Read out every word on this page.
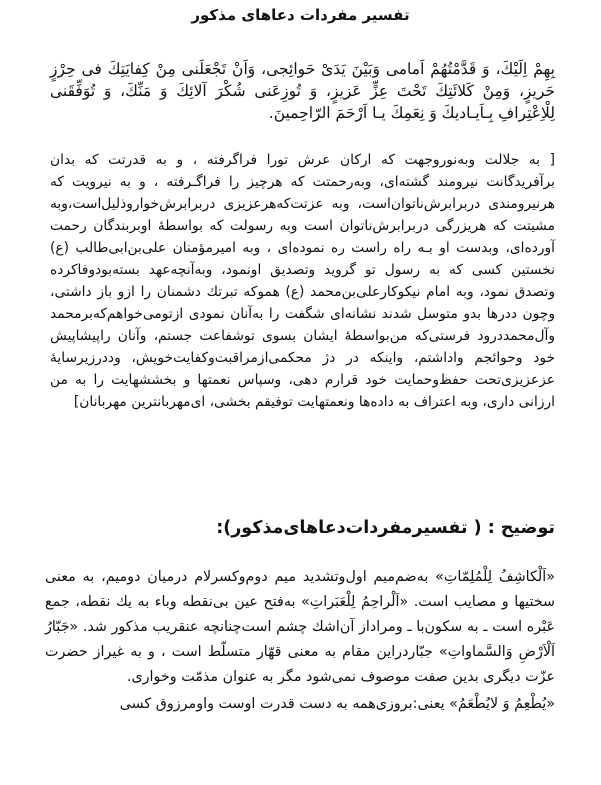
تفسیر مفردات دعاهای مذکور

بِهِمْ اِلَیْكَ، وَ قَدَّمْتُهُمْ اَمامی وَبَیْنَ یَدَیْ حَوائِجی، وَاَنْ تَجْعَلَنی مِنْ کِفایَتِكَ فی حِرْزٍ حَریزٍ، وَمِنْ کَلائَتِكَ تَحْتَ عِزٍّ عَزیزٍ، وَ تُوزِعَنی شُکْرَ آلائِكَ وَ مَنِّكَ، وَ تُوَفِّقَنی لِلْاِعْتِرافِ بِـاَیـادیكَ وَ نِعَمِكَ یـا اَرْحَمَ الرّاحِمینَ.

[ به جلالت وبه‌نوروجهت که ارکان عرش تورا فراگرفته ، و به قدرتت که بدان برآفریدگانت نیرومند گشته‌ای، وبه‌رحمتت که هرچیز را فراگـرفته ، و به نیرویت که هرنیرومندی دربرابرش‌ناتوان‌است، وبه عزتت‌که‌هرعزیزی دربرابرش‌خوارو‌ذلیل‌است،وبه مشیتت که هریزرگی دربرابرش‌ناتوان است وبه رسولت که بواسطهٔ اوبربندگان رحمت آورده‌ای، وبدست او بـه راه راست ره نموده‌ای ، وبه امیرمؤمنان علی‌بن‌ابی‌طالب (ع) نخستین کسی که به رسول تو گروید وتصدیق اونمود، وبه‌آنچه‌عهد بسته‌بودوفاکرده وتصدق نمود، وبه امام نیکوکارعلی‌بن‌محمد (ع) هموکه تبرتك دشمنان را ازو باز داشتی، وچون ددرها بدو متوسل شدند نشانه‌ای شگفت را به‌آنان نمودی ازتومی‌خواهم‌که‌برمحمد وآل‌محمد‌درود فرستی‌که من‌بواسطهٔ ایشان بسوی توشفاعت جستم، وآنان راپیشاپیش خود وحوائجم واداشتم، واینکه در دژ محکمی‌ازمراقبت‌وکفایت‌خویش، وددرزیرسایهٔ عزعزیزی‌تحت حفظ‌وحمایت خود قرارم دهی، وسپاس نعمتها و بخششهایت را به من ارزانی داری، وبه اعتراف به داده‌ها ونعمتهایت توفیقم بخشی، ای‌مهربانترین مهربانان]

توضیح : ( تفسیرمفردات‌دعاهای‌مذکور):

«اَلْکاشِفُ لِلْمُلِمّاتِ» به‌ضم‌میم اول‌وتشدید میم دوم‌وکسرلام درمیان دومیم، به معنی سختیها و مصایب است. «اَلْراحِمُ لِلْعَبَراتِ» به‌فتح عین بی‌نقطه وباء به یك نقطه، جمع عَبْره است ـ به سکون‌با ـ ومراد‌از آن‌اشك چشم است‌چنانچه عنقریب مذکور شد. «جَبّارُ اَلْاَرْضِ وَالسَّماواتِ» جبّاردراین مقام به معنی قهّار متسلّط است ، و به غیراز حضرت عزّت دیگری بدین صفت موصوف نمی‌شود مگر به عنوان مذمّت وخواری.

«یُطْعِمُ وَ لایُطْعَمُ» یعنی:بروزی‌همه به دست قدرت اوست واومرزوق کسی
